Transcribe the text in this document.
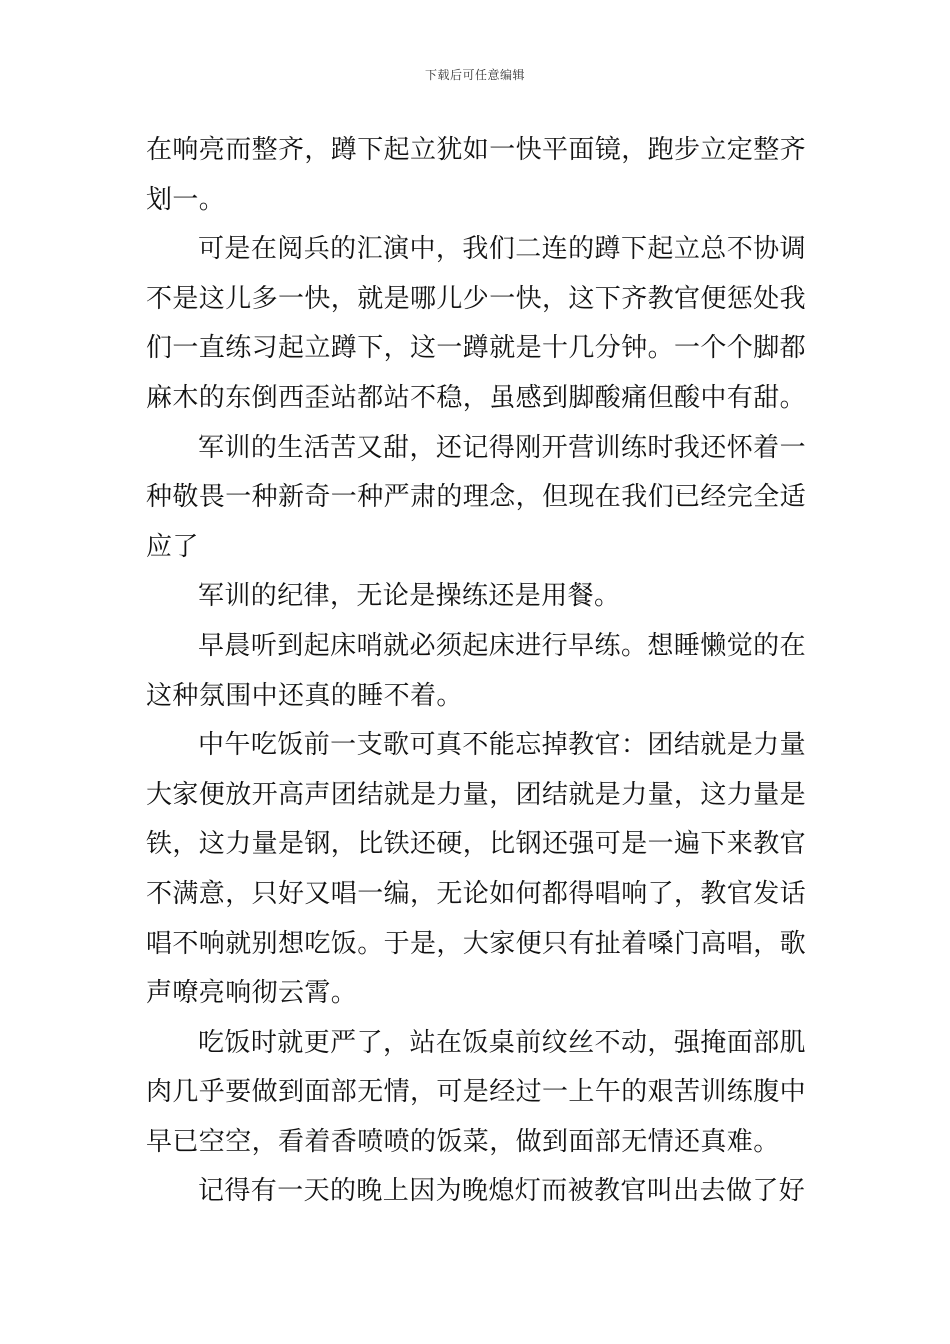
下载后可任意编辑

在响亮而整齐，蹲下起立犹如一快平面镜，跑步立定整齐划一。

可是在阅兵的汇演中，我们二连的蹲下起立总不协调不是这儿多一快，就是哪儿少一快，这下齐教官便惩处我们一直练习起立蹲下，这一蹲就是十几分钟。一个个脚都麻木的东倒西歪站都站不稳，虽感到脚酸痛但酸中有甜。

军训的生活苦又甜，还记得刚开营训练时我还怀着一种敬畏一种新奇一种严肃的理念，但现在我们已经完全适应了

军训的纪律，无论是操练还是用餐。

早晨听到起床哨就必须起床进行早练。想睡懒觉的在这种氛围中还真的睡不着。

中午吃饭前一支歌可真不能忘掉教官：团结就是力量大家便放开高声团结就是力量，团结就是力量，这力量是铁，这力量是钢，比铁还硬，比钢还强可是一遍下来教官不满意，只好又唱一编，无论如何都得唱响了，教官发话唱不响就别想吃饭。于是，大家便只有扯着嗓门高唱，歌声嘹亮响彻云霄。

吃饭时就更严了，站在饭桌前纹丝不动，强掩面部肌肉几乎要做到面部无情，可是经过一上午的艰苦训练腹中早已空空，看着香喷喷的饭菜，做到面部无情还真难。

记得有一天的晚上因为晚熄灯而被教官叫出去做了好
